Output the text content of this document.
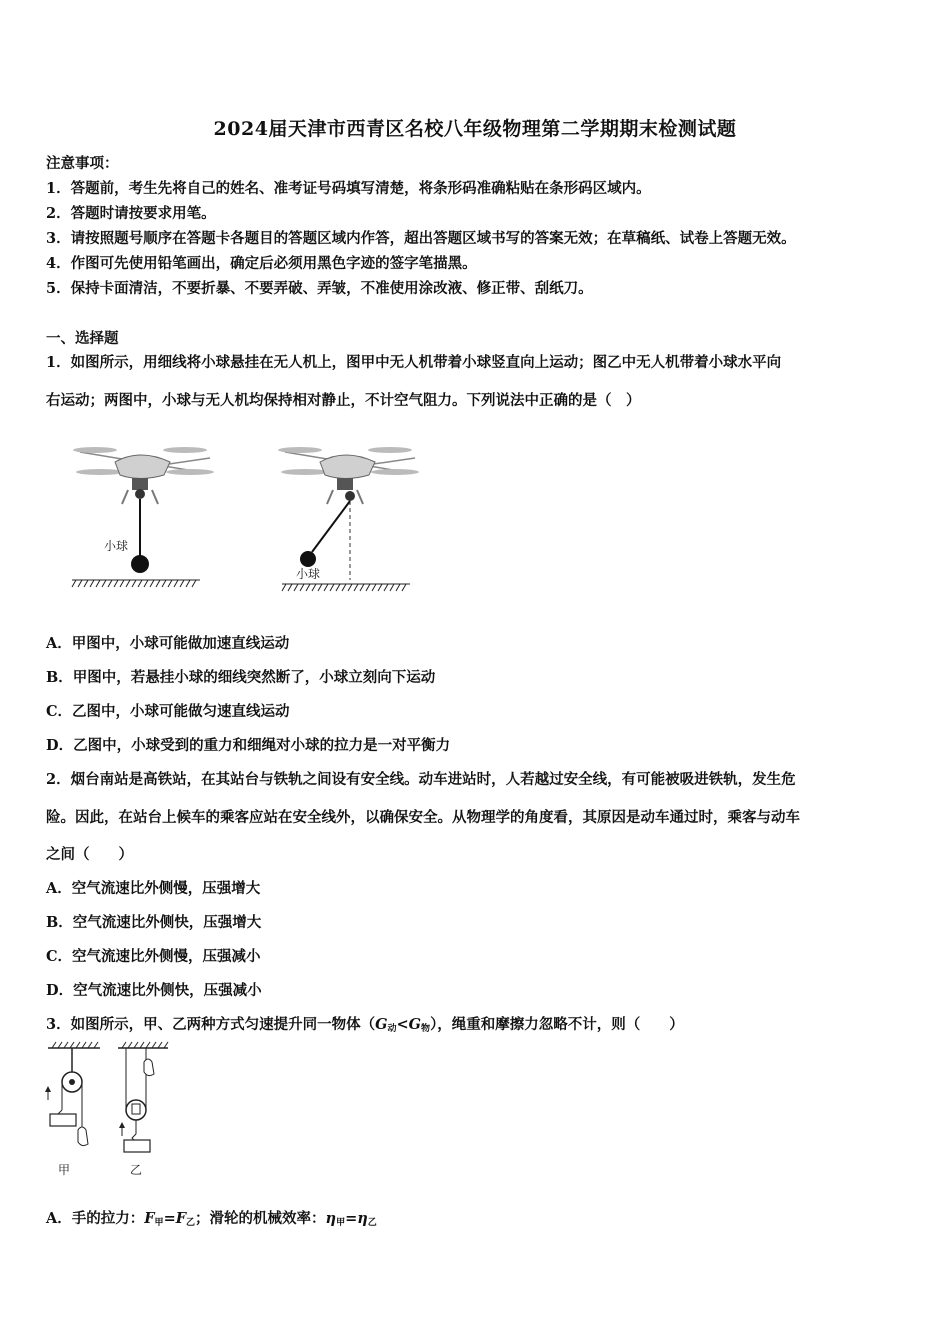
2024届天津市西青区名校八年级物理第二学期期末检测试题
注意事项：
1．答题前，考生先将自己的姓名、准考证号码填写清楚，将条形码准确粘贴在条形码区域内。
2．答题时请按要求用笔。
3．请按照题号顺序在答题卡各题目的答题区域内作答，超出答题区域书写的答案无效；在草稿纸、试卷上答题无效。
4．作图可先使用铅笔画出，确定后必须用黑色字迹的签字笔描黑。
5．保持卡面清洁，不要折暴、不要弄破、弄皱，不准使用涂改液、修正带、刮纸刀。
一、选择题
1．如图所示，用细线将小球悬挂在无人机上，图甲中无人机带着小球竖直向上运动；图乙中无人机带着小球水平向
右运动；两图中，小球与无人机均保持相对静止，不计空气阻力。下列说法中正确的是（　）
小球
小球
A．甲图中，小球可能做加速直线运动
B．甲图中，若悬挂小球的细线突然断了，小球立刻向下运动
C．乙图中，小球可能做匀速直线运动
D．乙图中，小球受到的重力和细绳对小球的拉力是一对平衡力
2．烟台南站是高铁站，在其站台与铁轨之间设有安全线。动车进站时，人若越过安全线，有可能被吸进铁轨，发生危
险。因此，在站台上候车的乘客应站在安全线外，以确保安全。从物理学的角度看，其原因是动车通过时，乘客与动车
之间（　　）
A．空气流速比外侧慢，压强增大
B．空气流速比外侧快，压强增大
C．空气流速比外侧慢，压强减小
D．空气流速比外侧快，压强减小
3．如图所示，甲、乙两种方式匀速提升同一物体$(G_动<G_物)$，绳重和摩擦力忽略不计，则（　　）
甲	乙
A．手的拉力：$F_甲=F_乙$；滑轮的机械效率：$\eta_甲=\eta_乙$
